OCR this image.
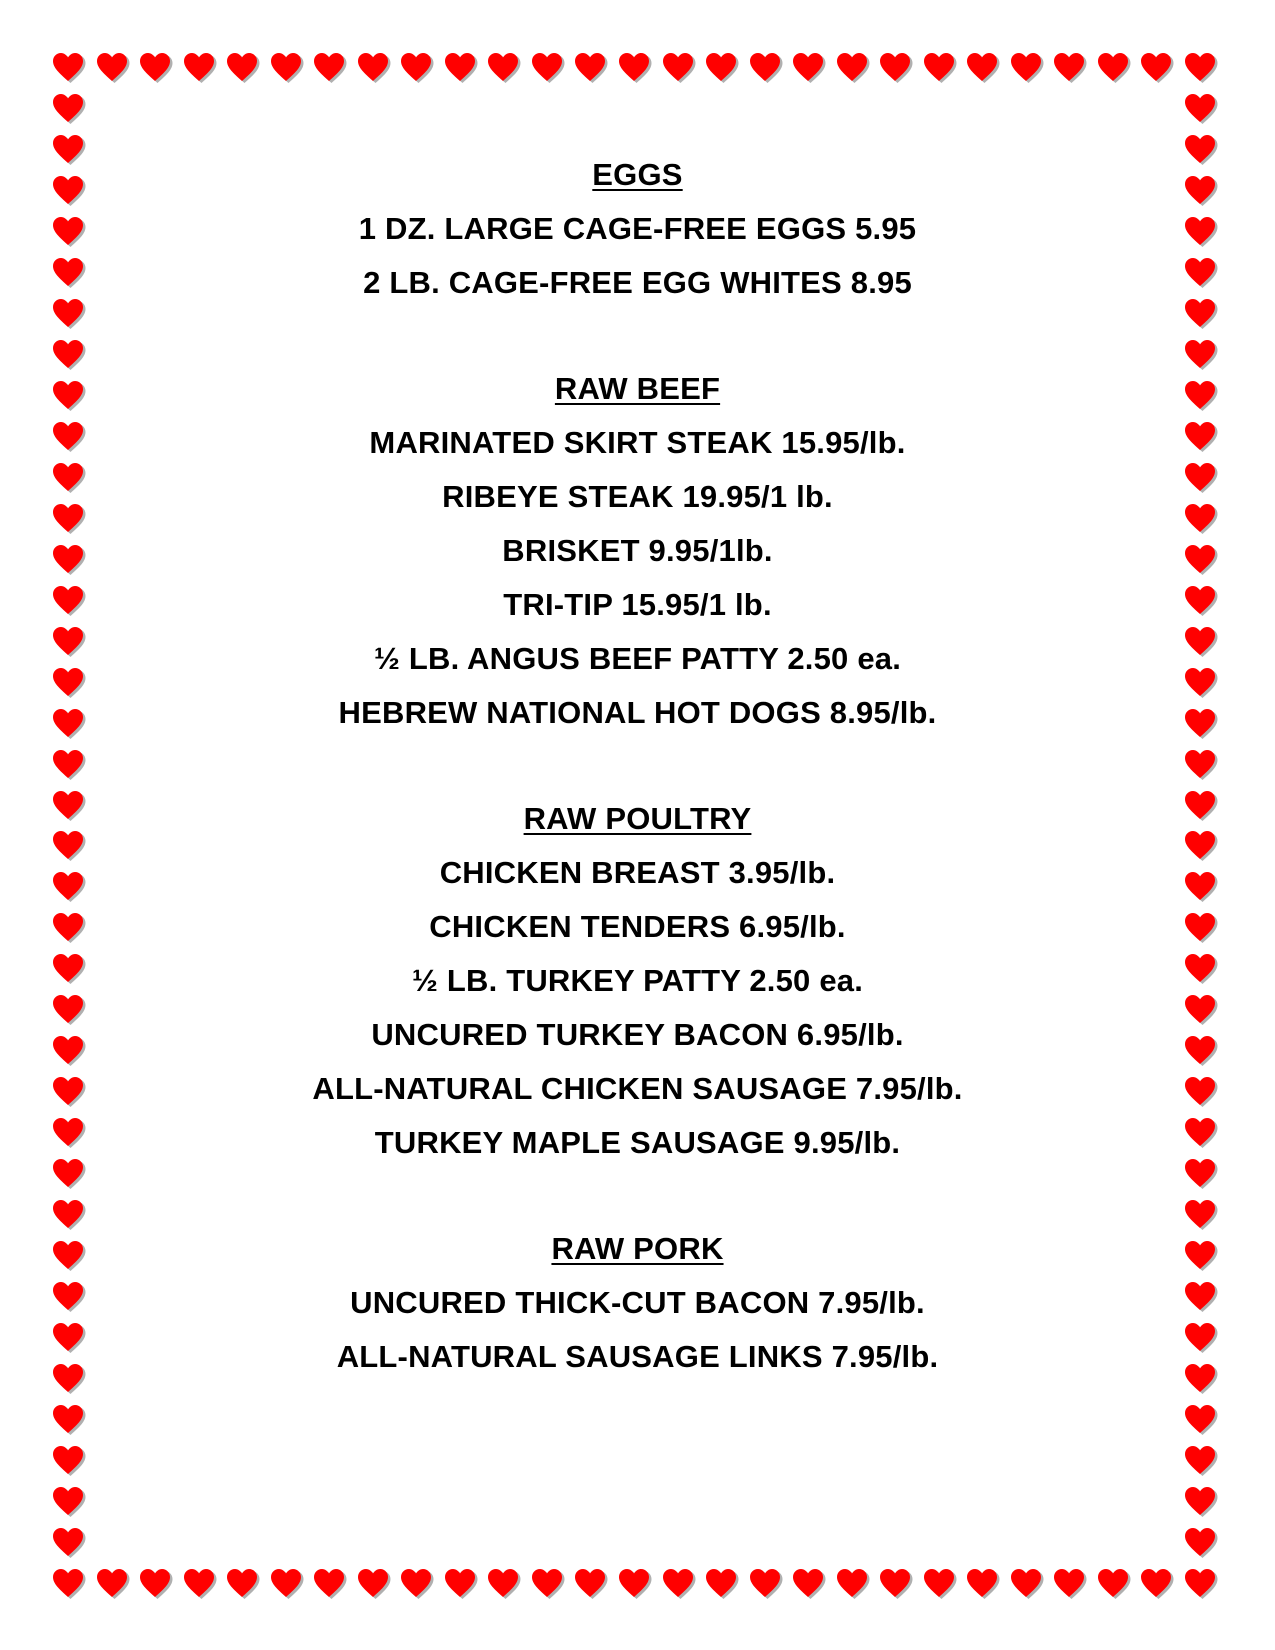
EGGS
1 DZ. LARGE CAGE-FREE EGGS 5.95
2 LB. CAGE-FREE EGG WHITES 8.95
RAW BEEF
MARINATED SKIRT STEAK 15.95/lb.
RIBEYE STEAK 19.95/1 lb.
BRISKET 9.95/1lb.
TRI-TIP 15.95/1 lb.
½ LB. ANGUS BEEF PATTY 2.50 ea.
HEBREW NATIONAL HOT DOGS 8.95/lb.
RAW POULTRY
CHICKEN BREAST 3.95/lb.
CHICKEN TENDERS 6.95/lb.
½ LB. TURKEY PATTY 2.50 ea.
UNCURED TURKEY BACON 6.95/lb.
ALL-NATURAL CHICKEN SAUSAGE 7.95/lb.
TURKEY MAPLE SAUSAGE 9.95/lb.
RAW PORK
UNCURED THICK-CUT BACON 7.95/lb.
ALL-NATURAL SAUSAGE LINKS 7.95/lb.
